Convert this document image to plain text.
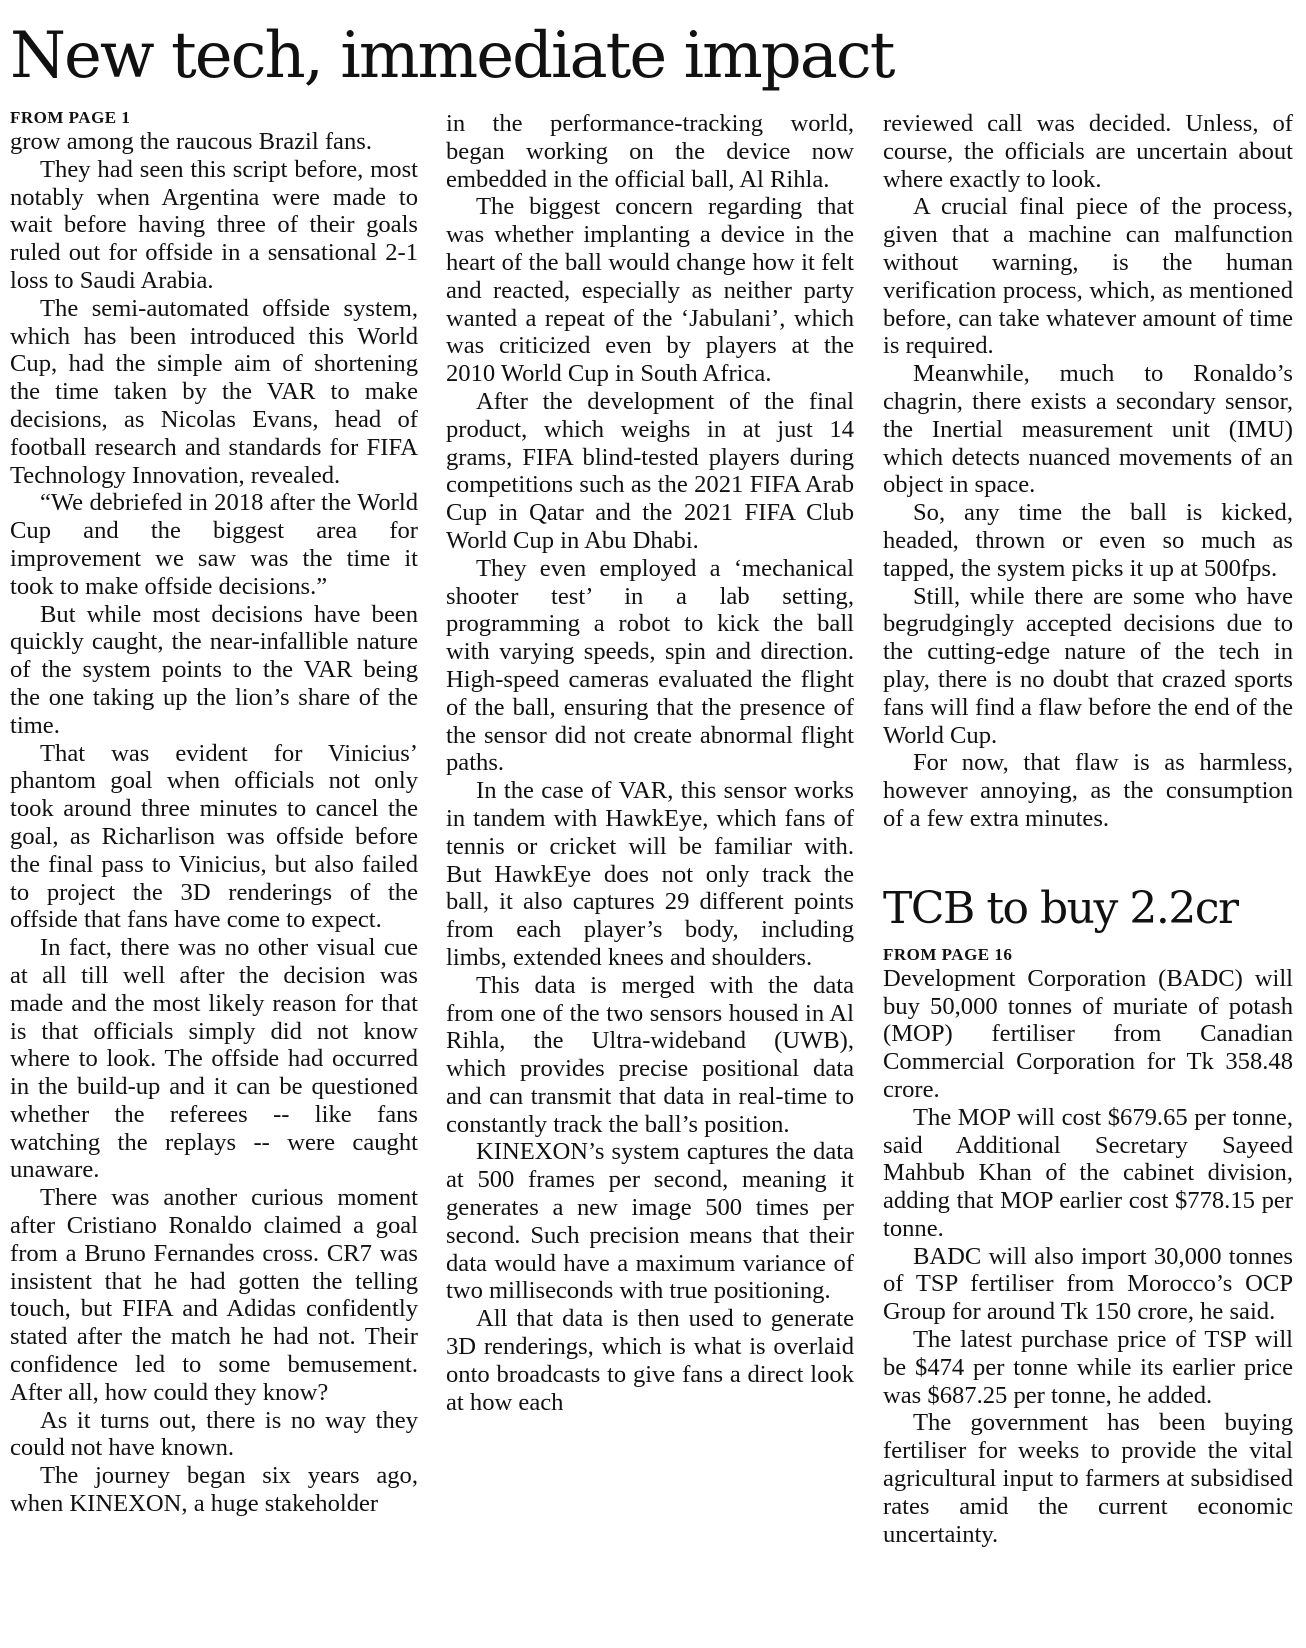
New tech, immediate impact
FROM PAGE 1

grow among the raucous Brazil fans.

They had seen this script before, most notably when Argentina were made to wait before having three of their goals ruled out for offside in a sensational 2-1 loss to Saudi Arabia.

The semi-automated offside system, which has been introduced this World Cup, had the simple aim of shortening the time taken by the VAR to make decisions, as Nicolas Evans, head of football research and standards for FIFA Technology Innovation, revealed.

“We debriefed in 2018 after the World Cup and the biggest area for improvement we saw was the time it took to make offside decisions.”

But while most decisions have been quickly caught, the near-infallible nature of the system points to the VAR being the one taking up the lion’s share of the time.

That was evident for Vinicius’ phantom goal when officials not only took around three minutes to cancel the goal, as Richarlison was offside before the final pass to Vinicius, but also failed to project the 3D renderings of the offside that fans have come to expect.

In fact, there was no other visual cue at all till well after the decision was made and the most likely reason for that is that officials simply did not know where to look. The offside had occurred in the build-up and it can be questioned whether the referees -- like fans watching the replays -- were caught unaware.

There was another curious moment after Cristiano Ronaldo claimed a goal from a Bruno Fernandes cross. CR7 was insistent that he had gotten the telling touch, but FIFA and Adidas confidently stated after the match he had not. Their confidence led to some bemusement. After all, how could they know?

As it turns out, there is no way they could not have known.

The journey began six years ago, when KINEXON, a huge stakeholder

in the performance-tracking world, began working on the device now embedded in the official ball, Al Rihla.

The biggest concern regarding that was whether implanting a device in the heart of the ball would change how it felt and reacted, especially as neither party wanted a repeat of the ‘Jabulani’, which was criticized even by players at the 2010 World Cup in South Africa.

After the development of the final product, which weighs in at just 14 grams, FIFA blind-tested players during competitions such as the 2021 FIFA Arab Cup in Qatar and the 2021 FIFA Club World Cup in Abu Dhabi.

They even employed a ‘mechanical shooter test’ in a lab setting, programming a robot to kick the ball with varying speeds, spin and direction. High-speed cameras evaluated the flight of the ball, ensuring that the presence of the sensor did not create abnormal flight paths.

In the case of VAR, this sensor works in tandem with HawkEye, which fans of tennis or cricket will be familiar with. But HawkEye does not only track the ball, it also captures 29 different points from each player’s body, including limbs, extended knees and shoulders.

This data is merged with the data from one of the two sensors housed in Al Rihla, the Ultra-wideband (UWB), which provides precise positional data and can transmit that data in real-time to constantly track the ball’s position.

KINEXON’s system captures the data at 500 frames per second, meaning it generates a new image 500 times per second. Such precision means that their data would have a maximum variance of two milliseconds with true positioning.

All that data is then used to generate 3D renderings, which is what is overlaid onto broadcasts to give fans a direct look at how each

reviewed call was decided. Unless, of course, the officials are uncertain about where exactly to look.

A crucial final piece of the process, given that a machine can malfunction without warning, is the human verification process, which, as mentioned before, can take whatever amount of time is required.

Meanwhile, much to Ronaldo’s chagrin, there exists a secondary sensor, the Inertial measurement unit (IMU) which detects nuanced movements of an object in space.

So, any time the ball is kicked, headed, thrown or even so much as tapped, the system picks it up at 500fps.

Still, while there are some who have begrudgingly accepted decisions due to the cutting-edge nature of the tech in play, there is no doubt that crazed sports fans will find a flaw before the end of the World Cup.

For now, that flaw is as harmless, however annoying, as the consumption of a few extra minutes.

TCB to buy 2.2cr
FROM PAGE 16

Development Corporation (BADC) will buy 50,000 tonnes of muriate of potash (MOP) fertiliser from Canadian Commercial Corporation for Tk 358.48 crore.

The MOP will cost $679.65 per tonne, said Additional Secretary Sayeed Mahbub Khan of the cabinet division, adding that MOP earlier cost $778.15 per tonne.

BADC will also import 30,000 tonnes of TSP fertiliser from Morocco’s OCP Group for around Tk 150 crore, he said.

The latest purchase price of TSP will be $474 per tonne while its earlier price was $687.25 per tonne, he added.

The government has been buying fertiliser for weeks to provide the vital agricultural input to farmers at subsidised rates amid the current economic uncertainty.
